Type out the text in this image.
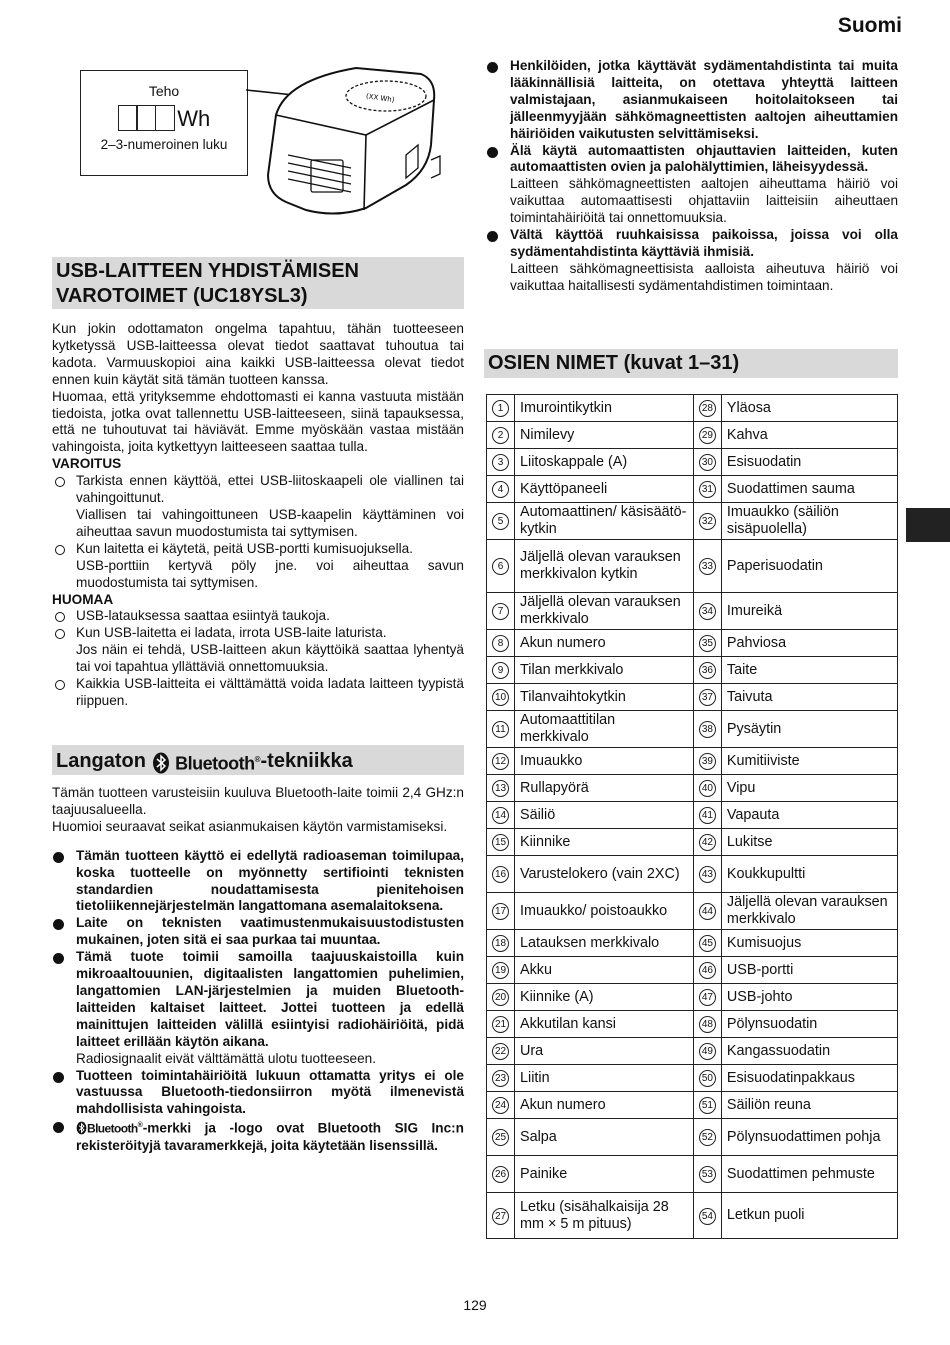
Suomi
Teho
Wh
2–3-numeroinen luku
(XX Wh)
USB-LAITTEEN YHDISTÄMISEN
VAROTOIMET (UC18YSL3)
Kun jokin odottamaton ongelma tapahtuu, tähän tuotteeseen kytketyssä USB-laitteessa olevat tiedot saattavat tuhoutua tai kadota. Varmuuskopioi aina kaikki USB-laitteessa olevat tiedot ennen kuin käytät sitä tämän tuotteen kanssa.
Huomaa, että yrityksemme ehdottomasti ei kanna vastuuta mistään tiedoista, jotka ovat tallennettu USB-laitteeseen, siinä tapauksessa, että ne tuhoutuvat tai häviävät. Emme myöskään vastaa mistään vahingoista, joita kytkettyyn laitteeseen saattaa tulla.
VAROITUS
Tarkista ennen käyttöä, ettei USB-liitoskaapeli ole viallinen tai vahingoittunut.
Viallisen tai vahingoittuneen USB-kaapelin käyttäminen voi aiheuttaa savun muodostumista tai syttymisen.
Kun laitetta ei käytetä, peitä USB-portti kumisuojuksella.
USB-porttiin kertyvä pöly jne. voi aiheuttaa savun muodostumista tai syttymisen.
HUOMAA
USB-latauksessa saattaa esiintyä taukoja.
Kun USB-laitetta ei ladata, irrota USB-laite laturista.
Jos näin ei tehdä, USB-laitteen akun käyttöikä saattaa lyhentyä tai voi tapahtua yllättäviä onnettomuuksia.
Kaikkia USB-laitteita ei välttämättä voida ladata laitteen tyypistä riippuen.
Langaton Bluetooth®-tekniikka
Tämän tuotteen varusteisiin kuuluva Bluetooth-laite toimii 2,4 GHz:n taajuusalueella.
Huomioi seuraavat seikat asianmukaisen käytön varmistamiseksi.
Tämän tuotteen käyttö ei edellytä radioaseman toimilupaa, koska tuotteelle on myönnetty sertifiointi teknisten standardien noudattamisesta pienitehoisen tietoliikennejärjestelmän langattomana asemalaitoksena.
Laite on teknisten vaatimustenmukaisuustodistusten mukainen, joten sitä ei saa purkaa tai muuntaa.
Tämä tuote toimii samoilla taajuuskaistoilla kuin mikroaaltouunien, digitaalisten langattomien puhelimien, langattomien LAN-järjestelmien ja muiden Bluetooth-laitteiden kaltaiset laitteet. Jottei tuotteen ja edellä mainittujen laitteiden välillä esiintyisi radiohäiriöitä, pidä laitteet erillään käytön aikana.
Radiosignaalit eivät välttämättä ulotu tuotteeseen.
Tuotteen toimintahäiriöitä lukuun ottamatta yritys ei ole vastuussa Bluetooth-tiedonsiirron myötä ilmenevistä mahdollisista vahingoista.
Bluetooth®-merkki ja -logo ovat Bluetooth SIG Inc:n rekisteröityjä tavaramerkkejä, joita käytetään lisenssillä.
Henkilöiden, jotka käyttävät sydämentahdistinta tai muita lääkinnällisiä laitteita, on otettava yhteyttä laitteen valmistajaan, asianmukaiseen hoitolaitokseen tai jälleenmyyjään sähkömagneettisten aaltojen aiheuttamien häiriöiden vaikutusten selvittämiseksi.
Älä käytä automaattisten ohjauttavien laitteiden, kuten automaattisten ovien ja palohälyttimien, läheisyydessä.
Laitteen sähkömagneettisten aaltojen aiheuttama häiriö voi vaikuttaa automaattisesti ohjattaviin laitteisiin aiheuttaen toimintahäiriöitä tai onnettomuuksia.
Vältä käyttöä ruuhkaisissa paikoissa, joissa voi olla sydämentahdistinta käyttäviä ihmisiä.
Laitteen sähkömagneettisista aalloista aiheutuva häiriö voi vaikuttaa haitallisesti sydämentahdistimen toimintaan.
OSIEN NIMET (kuvat 1–31)
1	Imurointikytkin	28	Yläosa
2	Nimilevy	29	Kahva
3	Liitoskappale (A)	30	Esisuodatin
4	Käyttöpaneeli	31	Suodattimen sauma
5	Automaattinen/ käsisäätö-kytkin	32	Imuaukko (säiliön sisäpuolella)
6	Jäljellä olevan varauksen merkkivalon kytkin	33	Paperisuodatin
7	Jäljellä olevan varauksen merkkivalo	34	Imureikä
8	Akun numero	35	Pahviosa
9	Tilan merkkivalo	36	Taite
10	Tilanvaihtokytkin	37	Taivuta
11	Automaattitilan merkkivalo	38	Pysäytin
12	Imuaukko	39	Kumitiiviste
13	Rullapyörä	40	Vipu
14	Säiliö	41	Vapauta
15	Kiinnike	42	Lukitse
16	Varustelokero (vain 2XC)	43	Koukkupultti
17	Imuaukko/ poistoaukko	44	Jäljellä olevan varauksen merkkivalo
18	Latauksen merkkivalo	45	Kumisuojus
19	Akku	46	USB-portti
20	Kiinnike (A)	47	USB-johto
21	Akkutilan kansi	48	Pölynsuodatin
22	Ura	49	Kangassuodatin
23	Liitin	50	Esisuodatinpakkaus
24	Akun numero	51	Säiliön reuna
25	Salpa	52	Pölynsuodattimen pohja
26	Painike	53	Suodattimen pehmuste
27	Letku (sisähalkaisija 28 mm × 5 m pituus)	54	Letkun puoli
129
